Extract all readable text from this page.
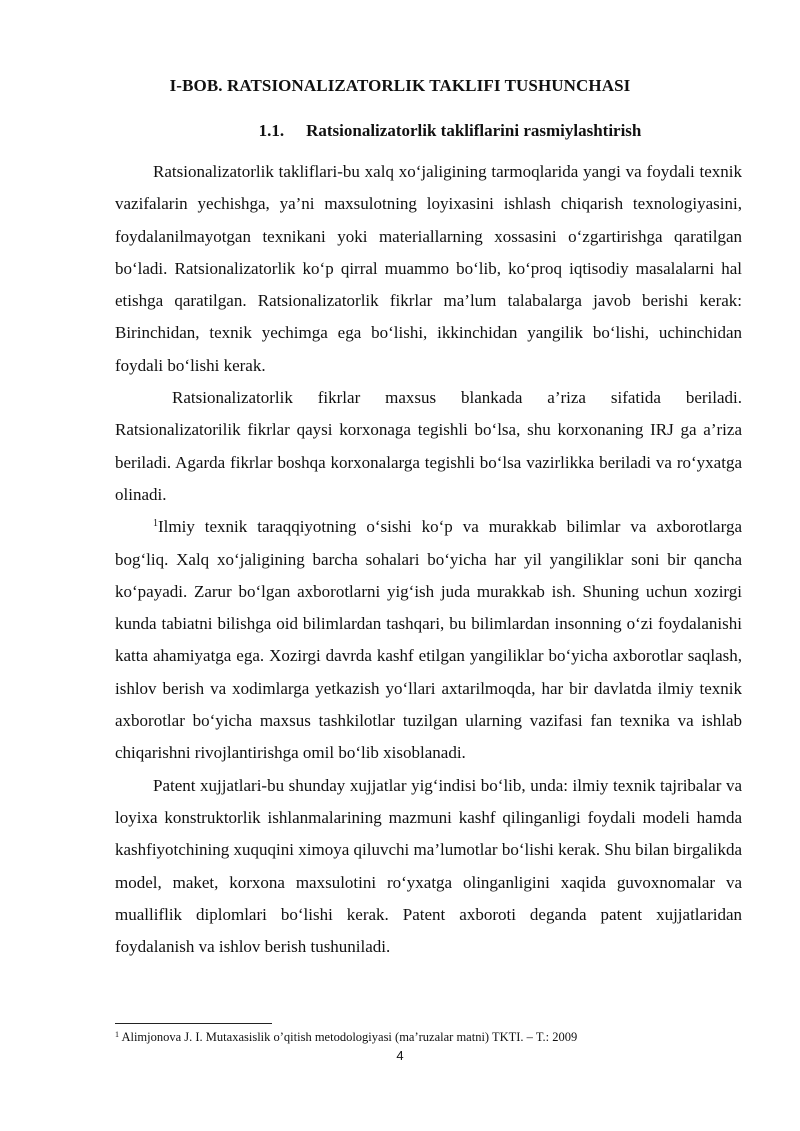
I-BOB. RATSIONALIZATORLIK TAKLIFI TUSHUNCHASI
1.1. Ratsionalizatorlik takliflarini rasmiylashtirish

Ratsionalizatorlik takliflari-bu xalq xo‘jaligining tarmoqlarida yangi va foydali texnik vazifalarin yechishga, ya’ni maxsulotning loyixasini ishlash chiqarish texnologiyasini, foydalanilmayotgan texnikani yoki materiallarning xossasini o‘zgartirishga qaratilgan bo‘ladi. Ratsionalizatorlik ko‘p qirral muammo bo‘lib, ko‘proq iqtisodiy masalalarni hal etishga qaratilgan. Ratsionalizatorlik fikrlar ma’lum talabalarga javob berishi kerak: Birinchidan, texnik yechimga ega bo‘lishi, ikkinchidan yangilik bo‘lishi, uchinchidan foydali bo‘lishi kerak.

Ratsionalizatorlik fikrlar maxsus blankada a’riza sifatida beriladi. Ratsionalizatorilik fikrlar qaysi korxonaga tegishli bo‘lsa, shu korxonaning IRJ ga a’riza beriladi. Agarda fikrlar boshqa korxonalarga tegishli bo‘lsa vazirlikka beriladi va ro‘yxatga olinadi.

$^1$Ilmiy texnik taraqqiyotning o‘sishi ko‘p va murakkab bilimlar va axborotlarga bog‘liq. Xalq xo‘jaligining barcha sohalari bo‘yicha har yil yangiliklar soni bir qancha ko‘payadi. Zarur bo‘lgan axborotlarni yig‘ish juda murakkab ish. Shuning uchun xozirgi kunda tabiatni bilishga oid bilimlardan tashqari, bu bilimlardan insonning o‘zi foydalanishi katta ahamiyatga ega. Xozirgi davrda kashf etilgan yangiliklar bo‘yicha axborotlar saqlash, ishlov berish va xodimlarga yetkazish yo‘llari axtarilmoqda, har bir davlatda ilmiy texnik axborotlar bo‘yicha maxsus tashkilotlar tuzilgan ularning vazifasi fan texnika va ishlab chiqarishni rivojlantirishga omil bo‘lib xisoblanadi.

Patent xujjatlari-bu shunday xujjatlar yig‘indisi bo‘lib, unda: ilmiy texnik tajribalar va loyixa konstruktorlik ishlanmalarining mazmuni kashf qilinganligi foydali modeli hamda kashfiyotchining xuquqini ximoya qiluvchi ma’lumotlar bo‘lishi kerak. Shu bilan birgalikda model, maket, korxona maxsulotini ro‘yxatga olinganligini xaqida guvoxnomalar va mualliflik diplomlari bo‘lishi kerak. Patent axboroti deganda patent xujjatlaridan foydalanish va ishlov berish tushuniladi.

$^1$ Alimjonova J. I. Mutaxasislik o’qitish metodologiyasi (ma’ruzalar matni) TKTI. – T.: 2009
4
